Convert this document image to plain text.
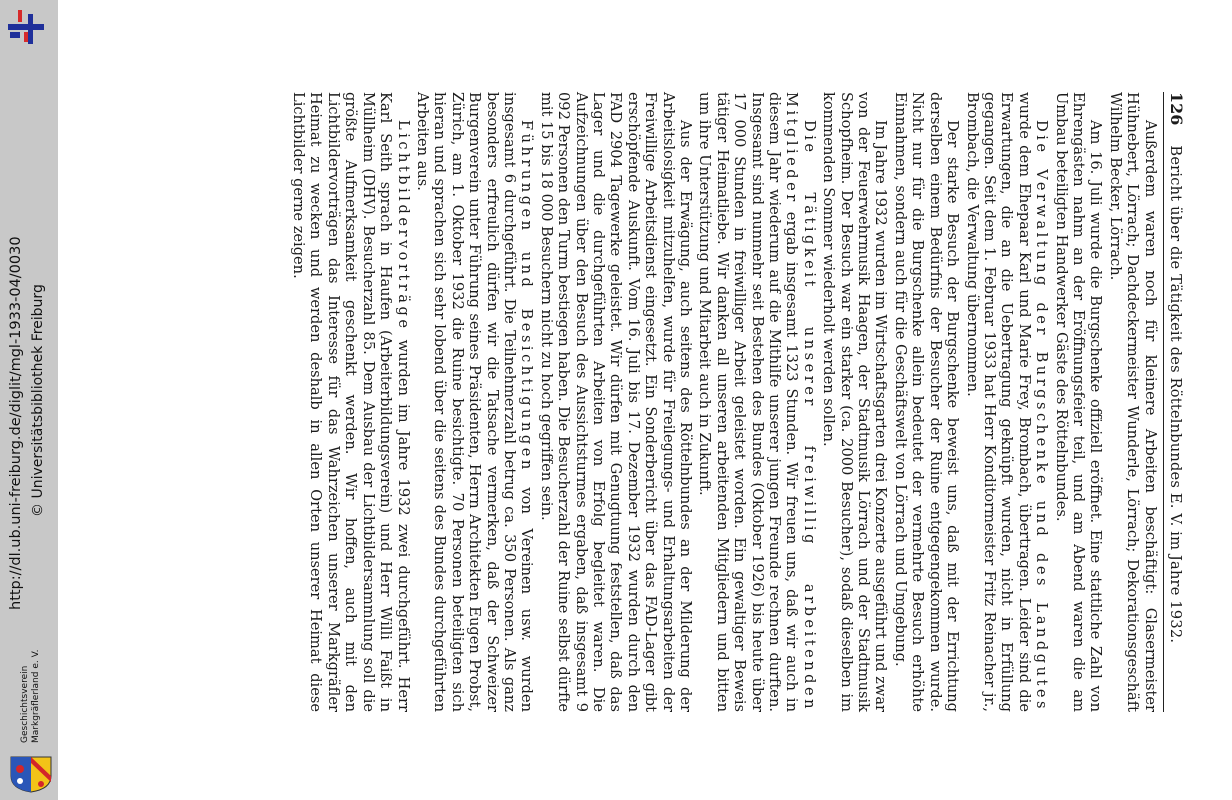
http://dl.ub.uni-freiburg.de/diglit/mgl-1933-04/0030 © Universitätsbibliothek Freiburg
Geschichtsverein Markgräflerland e. V.
126
Bericht über die Tätigkeit des Röttelnbundes E. V. im Jahre 1932.

Außerdem waren noch für kleinere Arbeiten beschäftigt: Glasermeister Hühnebert, Lörrach; Dachdeckermeister Wunderle, Lörrach; Dekorationsgeschäft Wilhelm Becker, Lörrach.

Am 16. Juli wurde die Burgschenke offiziell eröffnet. Eine stattliche Zahl von Ehrengästen nahm an der Eröffnungsfeier teil, und am Abend waren die am Umbau beteiligten Handwerker Gäste des Röttelnbundes.

Die Verwaltung der Burgschenke und des Landgutes wurde dem Ehepaar Karl und Marie Frey, Brombach, übertragen. Leider sind die Erwartungen, die an die Uebertragung geknüpft wurden, nicht in Erfüllung gegangen. Seit dem 1. Februar 1933 hat Herr Konditormeister Fritz Reinacher jr., Brombach, die Verwaltung übernommen.

Der starke Besuch der Burgschenke beweist uns, daß mit der Errichtung derselben einem Bedürfnis der Besucher der Ruine entgegengekommen wurde. Nicht nur für die Burgschenke allein bedeutet der vermehrte Besuch erhöhte Einnahmen, sondern auch für die Geschäftswelt von Lörrach und Umgebung.

Im Jahre 1932 wurden im Wirtschaftsgarten drei Konzerte ausgeführt und zwar von der Feuerwehrmusik Haagen, der Stadtmusik Lörrach und der Stadtmusik Schopfheim. Der Besuch war ein starker (ca. 2000 Besucher), sodaß dieselben im kommenden Sommer wiederholt werden sollen.

Die Tätigkeit unserer freiwillig arbeitenden Mitglieder ergab insgesamt 1323 Stunden. Wir freuen uns, daß wir auch in diesem Jahr wiederum auf die Mithilfe unserer jungen Freunde rechnen durften. Insgesamt sind nunmehr seit Bestehen des Bundes (Oktober 1926) bis heute über 17 000 Stunden in freiwilliger Arbeit geleistet worden. Ein gewaltiger Beweis tätiger Heimatliebe. Wir danken all unseren arbeitenden Mitgliedern und bitten um ihre Unterstützung und Mitarbeit auch in Zukunft.

Aus der Erwägung, auch seitens des Röttelnbundes an der Milderung der Arbeitslosigkeit mitzuhelfen, wurde für Freilegungs- und Erhaltungsarbeiten der Freiwillige Arbeitsdienst eingesetzt. Ein Sonderbericht über das FAD-Lager gibt erschöpfende Auskunft. Vom 16. Juli bis 17. Dezember 1932 wurden durch den FAD 2904 Tagewerke geleistet. Wir dürfen mit Genugtuung feststellen, daß das Lager und die durchgeführten Arbeiten von Erfolg begleitet waren. Die Aufzeichnungen über den Besuch des Aussichtsturmes ergaben, daß insgesamt 9 092 Personen den Turm bestiegen haben. Die Besucherzahl der Ruine selbst dürfte mit 15 bis 18 000 Besuchern nicht zu hoch gegriffen sein.

Führungen und Besichtigungen von Vereinen usw. wurden insgesamt 6 durchgeführt. Die Teilnehmerzahl betrug ca. 350 Personen. Als ganz besonders erfreulich dürfen wir die Tatsache vermerken, daß der Schweizer Burgenverein unter Führung seines Präsidenten, Herrn Architekten Eugen Probst, Zürich, am 1. Oktober 1932 die Ruine besichtigte. 70 Personen beteiligten sich hieran und sprachen sich sehr lobend über die seitens des Bundes durchgeführten Arbeiten aus.

Lichtbildervorträge wurden im Jahre 1932 zwei durchgeführt. Herr Karl Seith sprach in Haufen (Arbeiterbildungsverein) und Herr Willi Faißt in Müllheim (DHV). Besucherzahl 85. Dem Ausbau der Lichtbildersammlung soll die größte Aufmerksamkeit geschenkt werden. Wir hoffen, auch mit den Lichtbildervorträgen das Interesse für das Wahrzeichen unserer Markgräfler Heimat zu wecken und werden deshalb in allen Orten unserer Heimat diese Lichtbilder gerne zeigen.
